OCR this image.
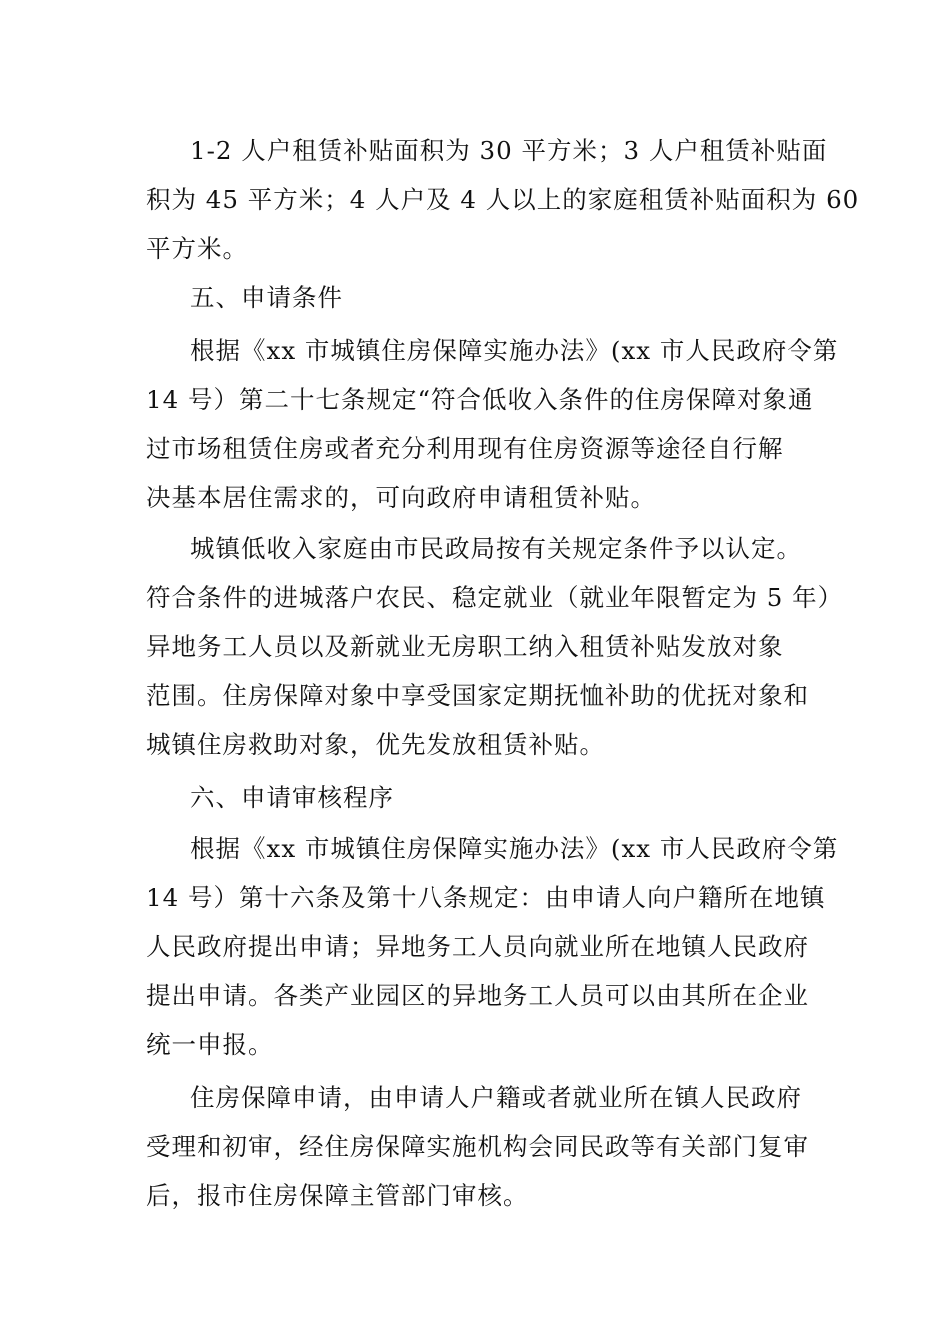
1-2 人户租赁补贴面积为 30 平方米；3 人户租赁补贴面
积为 45 平方米；4 人户及 4 人以上的家庭租赁补贴面积为 60
平方米。
五、申请条件
根据《xx 市城镇住房保障实施办法》(xx 市人民政府令第
14 号）第二十七条规定“符合低收入条件的住房保障对象通
过市场租赁住房或者充分利用现有住房资源等途径自行解
决基本居住需求的，可向政府申请租赁补贴。
城镇低收入家庭由市民政局按有关规定条件予以认定。
符合条件的进城落户农民、稳定就业（就业年限暂定为 5 年）
异地务工人员以及新就业无房职工纳入租赁补贴发放对象
范围。住房保障对象中享受国家定期抚恤补助的优抚对象和
城镇住房救助对象，优先发放租赁补贴。
六、申请审核程序
根据《xx 市城镇住房保障实施办法》(xx 市人民政府令第
14 号）第十六条及第十八条规定：由申请人向户籍所在地镇
人民政府提出申请；异地务工人员向就业所在地镇人民政府
提出申请。各类产业园区的异地务工人员可以由其所在企业
统一申报。
住房保障申请，由申请人户籍或者就业所在镇人民政府
受理和初审，经住房保障实施机构会同民政等有关部门复审
后，报市住房保障主管部门审核。
